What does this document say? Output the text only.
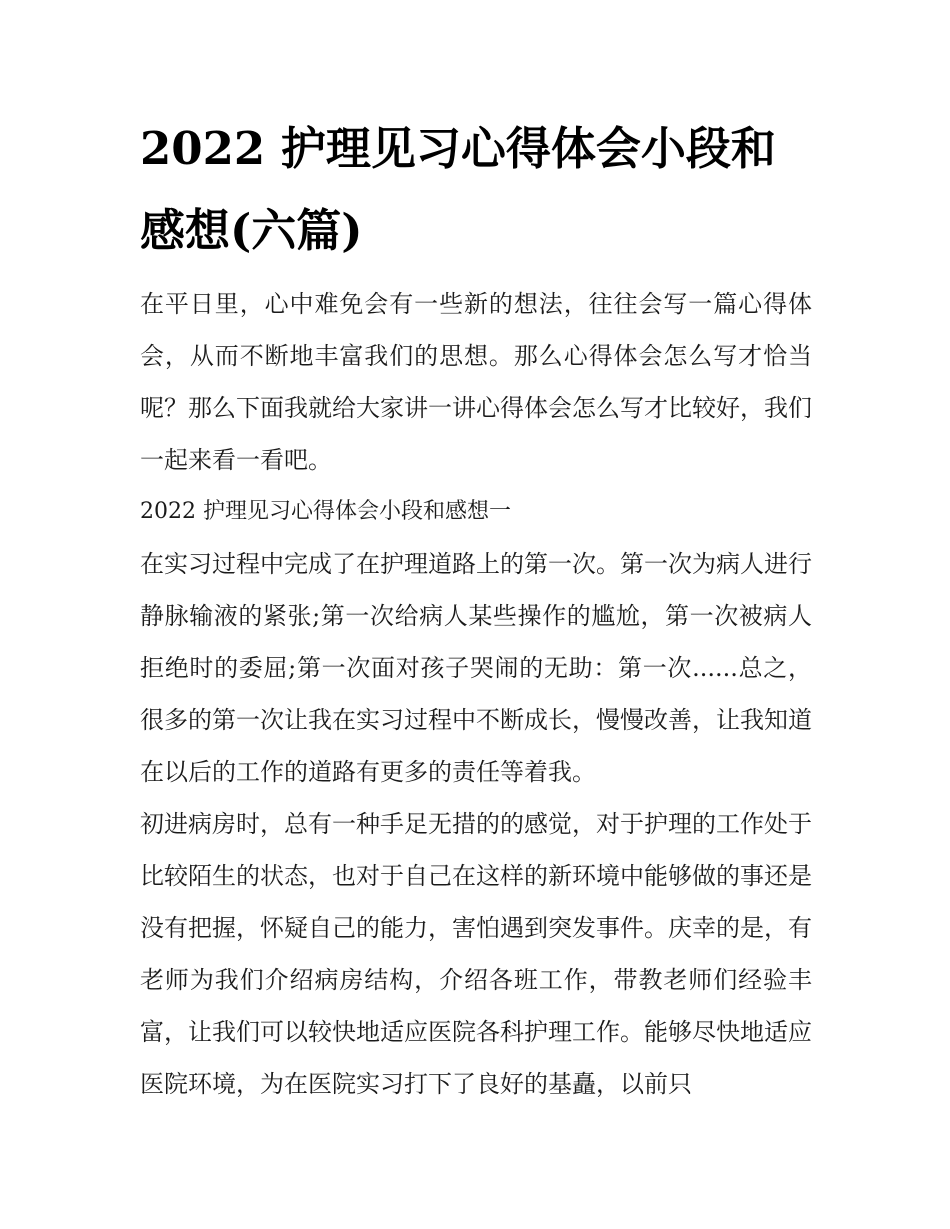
2022 护理见习心得体会小段和
感想(六篇)

在平日里，心中难免会有一些新的想法，往往会写一篇心得体会，从而不断地丰富我们的思想。那么心得体会怎么写才恰当呢？那么下面我就给大家讲一讲心得体会怎么写才比较好，我们一起来看一看吧。

2022 护理见习心得体会小段和感想一

在实习过程中完成了在护理道路上的第一次。第一次为病人进行静脉输液的紧张;第一次给病人某些操作的尴尬，第一次被病人拒绝时的委屈;第一次面对孩子哭闹的无助：第一次......总之，很多的第一次让我在实习过程中不断成长，慢慢改善，让我知道在以后的工作的道路有更多的责任等着我。

初进病房时，总有一种手足无措的的感觉，对于护理的工作处于比较陌生的状态，也对于自己在这样的新环境中能够做的事还是没有把握，怀疑自己的能力，害怕遇到突发事件。庆幸的是，有老师为我们介绍病房结构，介绍各班工作，带教老师们经验丰富，让我们可以较快地适应医院各科护理工作。能够尽快地适应医院环境，为在医院实习打下了良好的基矗，以前只
